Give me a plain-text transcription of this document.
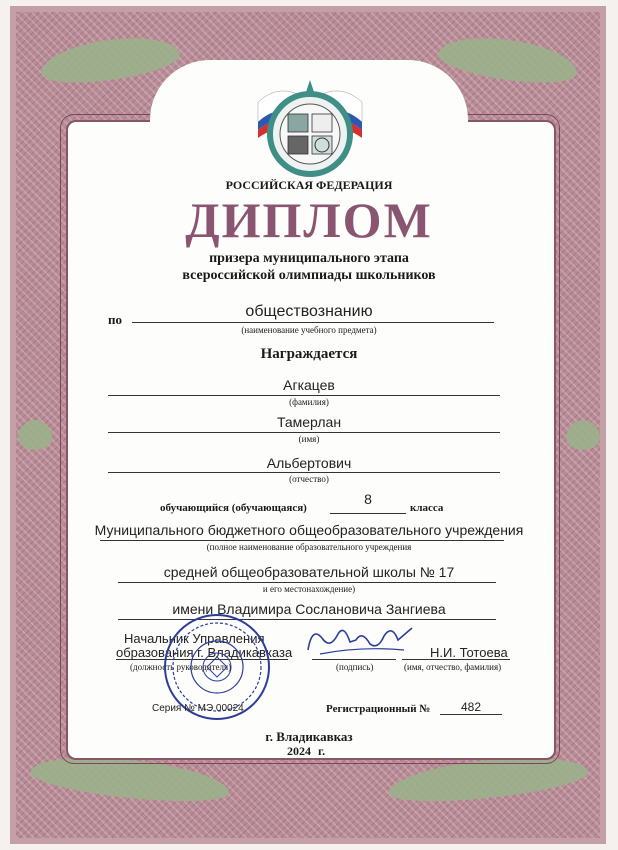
РОССИЙСКАЯ ФЕДЕРАЦИЯ
ДИПЛОМ
призера муниципального этапа
всероссийской олимпиады школьников
по	обществознанию
(наименование учебного предмета)
Награждается
Агкацев
(фамилия)
Тамерлан
(имя)
Альбертович
(отчество)
обучающийся (обучающаяся)
8
класса
Муниципального бюджетного общеобразовательного учреждения
(полное наименование образовательного учреждения
средней общеобразовательной школы № 17
и его местонахождение)
имени Владимира Сослановича Зангиева
Начальник Управления
образования г. Владикавказа
(должность руководителя)	(подпись)
Н.И. Тотоева
(имя, отчество, фамилия)
Серия № МЭ 00024	Регистрационный №	482
г. Владикавказ
2024 г.
